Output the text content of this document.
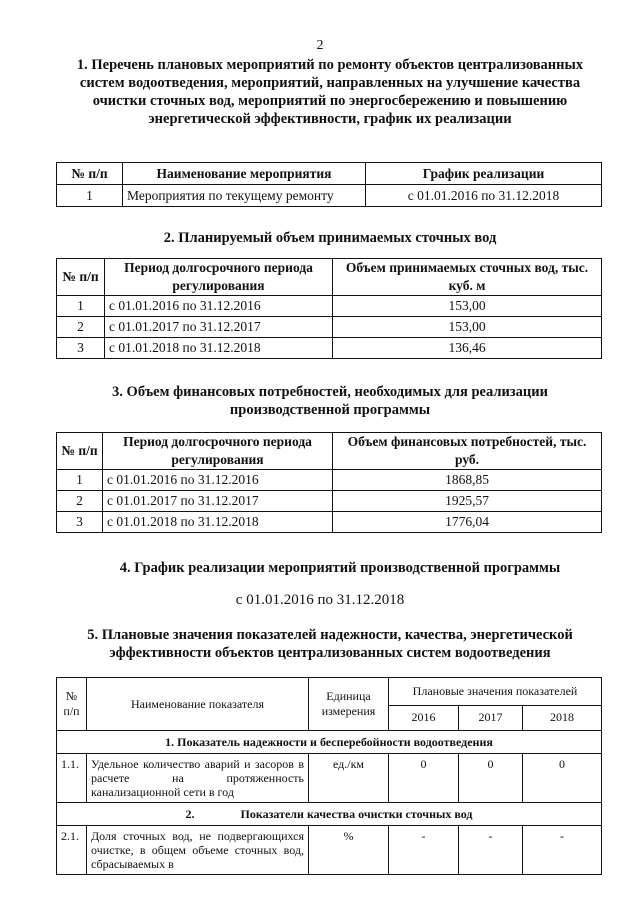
2
1. Перечень плановых мероприятий по ремонту объектов централизованных систем водоотведения, мероприятий, направленных на улучшение качества очистки сточных вод, мероприятий по энергосбережению и повышению энергетической эффективности, график их реализации
№ п/п	Наименование мероприятия	График реализации
1	Мероприятия по текущему ремонту	с 01.01.2016 по 31.12.2018
2. Планируемый объем принимаемых сточных вод
№ п/п	Период долгосрочного периода регулирования	Объем принимаемых сточных вод, тыс. куб. м
1	с 01.01.2016 по 31.12.2016	153,00
2	с 01.01.2017 по 31.12.2017	153,00
3	с 01.01.2018 по 31.12.2018	136,46
3. Объем финансовых потребностей, необходимых для реализации производственной программы
№ п/п	Период долгосрочного периода регулирования	Объем финансовых потребностей, тыс. руб.
1	с 01.01.2016 по 31.12.2016	1868,85
2	с 01.01.2017 по 31.12.2017	1925,57
3	с 01.01.2018 по 31.12.2018	1776,04
4. График реализации мероприятий производственной программы
с 01.01.2016 по 31.12.2018
5. Плановые значения показателей надежности, качества, энергетической эффективности объектов централизованных систем водоотведения
№ п/п	Наименование показателя	Единица измерения	Плановые значения показателей		
			2016	2017	2018
1. Показатель надежности и бесперебойности водоотведения					
1.1.	Удельное количество аварий и засоров в расчете на протяженность канализационной сети в год	ед./км	0	0	0
2. Показатели качества очистки сточных вод					
2.1.	Доля сточных вод, не подвергающихся очистке, в общем объеме сточных вод, сбрасываемых в	%	-	-	-
